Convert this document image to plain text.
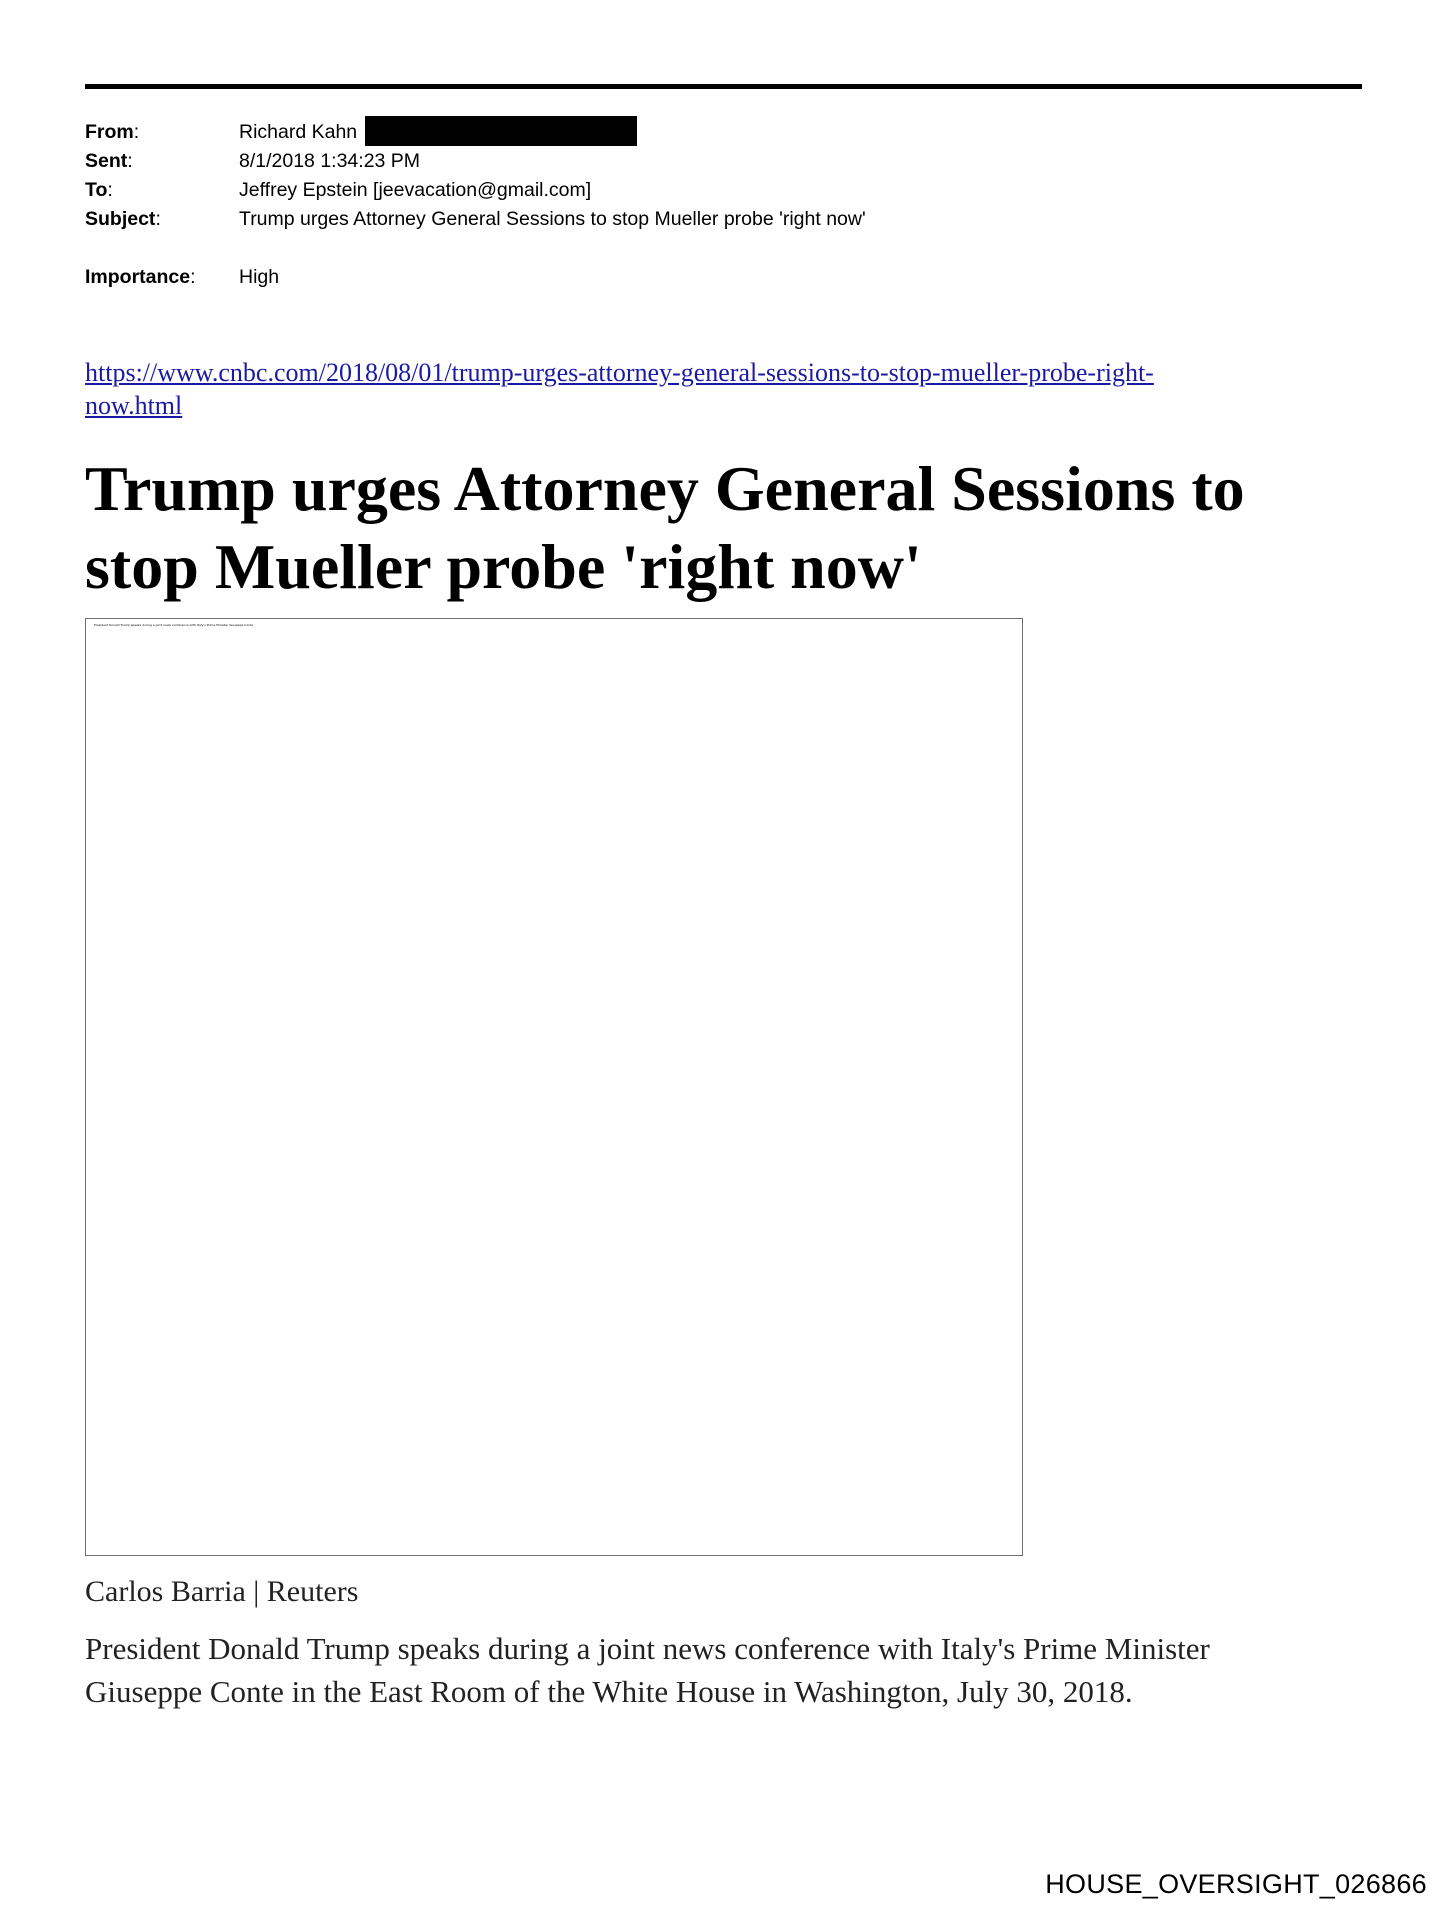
From:	Richard Kahn
Sent:	8/1/2018 1:34:23 PM
To:	Jeffrey Epstein [jeevacation@gmail.com]
Subject:	Trump urges Attorney General Sessions to stop Mueller probe 'right now'
Importance:	High
https://www.cnbc.com/2018/08/01/trump-urges-attorney-general-sessions-to-stop-mueller-probe-right-
now.html
Trump urges Attorney General Sessions to
stop Mueller probe 'right now'
President Donald Trump speaks during a joint news conference with Italy's Prime Minister Giuseppe Conte
Carlos Barria | Reuters
President Donald Trump speaks during a joint news conference with Italy's Prime Minister
Giuseppe Conte in the East Room of the White House in Washington, July 30, 2018.
HOUSE_OVERSIGHT_026866
